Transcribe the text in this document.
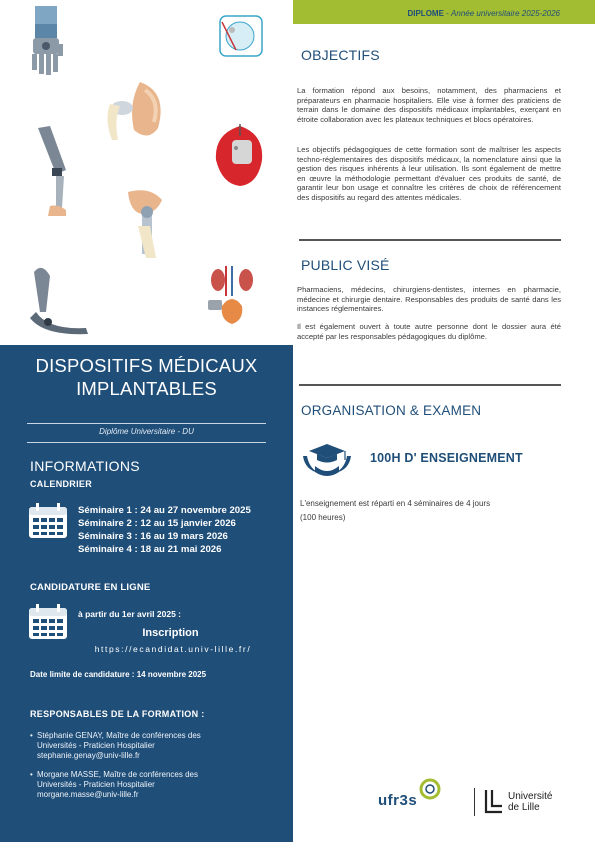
DISPOSITIFS MÉDICAUX
IMPLANTABLES
Diplôme Universitaire - DU
INFORMATIONS
CALENDRIER
Séminaire 1 : 24 au 27 novembre 2025
Séminaire 2 : 12 au 15 janvier 2026
Séminaire 3 : 16 au 19 mars 2026
Séminaire 4 : 18 au 21 mai 2026
CANDIDATURE EN LIGNE
à partir du 1er avril 2025 :
Inscription
https://ecandidat.univ-lille.fr/
Date limite de candidature : 14 novembre 2025
RESPONSABLES DE LA FORMATION :
• Stéphanie GENAY, Maître de conférences des
Universités - Praticien Hospitalier
stephanie.genay@univ-lille.fr
• Morgane MASSE, Maître de conférences des
Universités - Praticien Hospitalier
morgane.masse@univ-lille.fr
DIPLOME - Année universitaire 2025-2026
OBJECTIFS

La formation répond aux besoins, notamment, des pharmaciens et préparateurs en pharmacie hospitaliers. Elle vise à former des praticiens de terrain dans le domaine des dispositifs médicaux implantables, exerçant en étroite collaboration avec les plateaux techniques et blocs opératoires.

Les objectifs pédagogiques de cette formation sont de maîtriser les aspects techno-réglementaires des dispositifs médicaux, la nomenclature ainsi que la gestion des risques inhérents à leur utilisation. Ils sont également de mettre en œuvre la méthodologie permettant d'évaluer ces produits de santé, de garantir leur bon usage et connaître les critères de choix de référencement des dispositifs au regard des attentes médicales.

PUBLIC VISÉ

Pharmaciens, médecins, chirurgiens-dentistes, internes en pharmacie, médecine et chirurgie dentaire. Responsables des produits de santé dans les instances réglementaires.

Il est également ouvert à toute autre personne dont le dossier aura été accepté par les responsables pédagogiques du diplôme.

ORGANISATION & EXAMEN
100H D' ENSEIGNEMENT
L'enseignement est réparti en 4 séminaires de 4 jours
(100 heures)
ufr3s	Université
de Lille
